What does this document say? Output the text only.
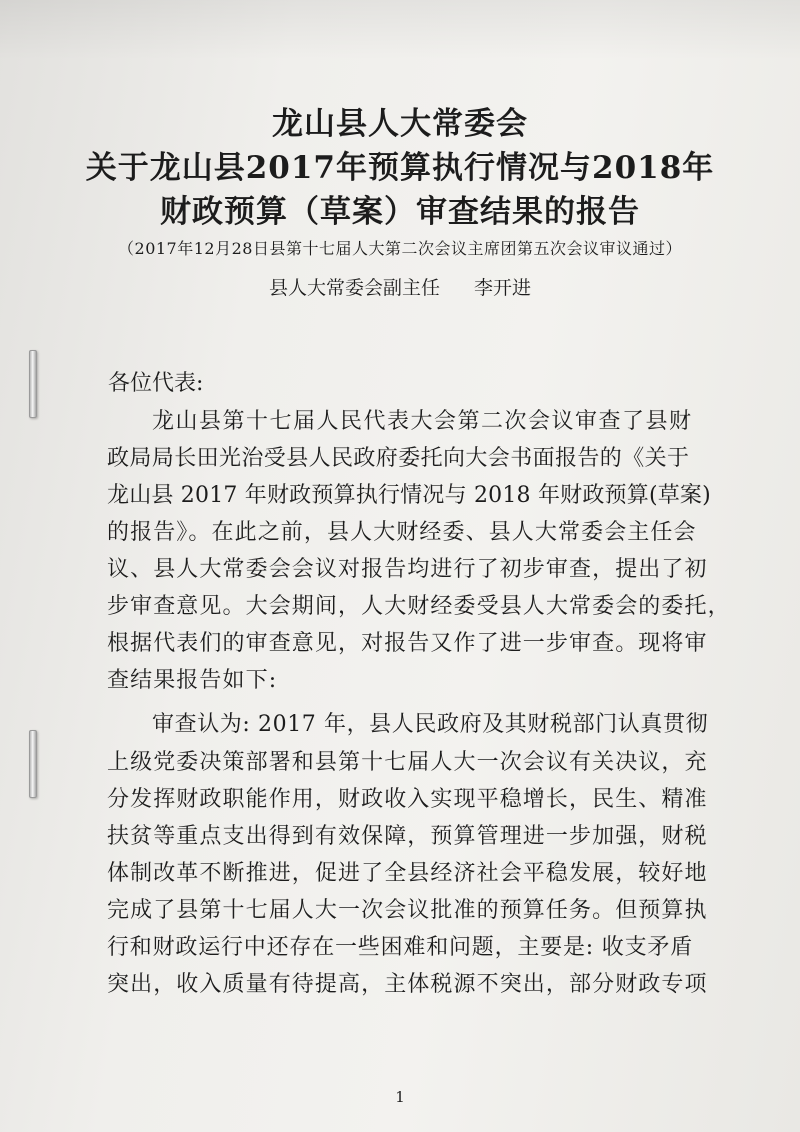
龙山县人大常委会
关于龙山县2017年预算执行情况与2018年
财政预算（草案）审查结果的报告
（2017年12月28日县第十七届人大第二次会议主席团第五次会议审议通过）
县人大常委会副主任 李开进
各位代表:
龙山县第十七届人民代表大会第二次会议审查了县财
政局局长田光治受县人民政府委托向大会书面报告的《关于
龙山县 2017 年财政预算执行情况与 2018 年财政预算(草案)
的报告》。在此之前，县人大财经委、县人大常委会主任会
议、县人大常委会会议对报告均进行了初步审查，提出了初
步审查意见。大会期间，人大财经委受县人大常委会的委托，
根据代表们的审查意见，对报告又作了进一步审查。现将审
查结果报告如下:
审查认为: 2017 年，县人民政府及其财税部门认真贯彻
上级党委决策部署和县第十七届人大一次会议有关决议，充
分发挥财政职能作用，财政收入实现平稳增长，民生、精准
扶贫等重点支出得到有效保障，预算管理进一步加强，财税
体制改革不断推进，促进了全县经济社会平稳发展，较好地
完成了县第十七届人大一次会议批准的预算任务。但预算执
行和财政运行中还存在一些困难和问题，主要是: 收支矛盾
突出，收入质量有待提高，主体税源不突出，部分财政专项
1
